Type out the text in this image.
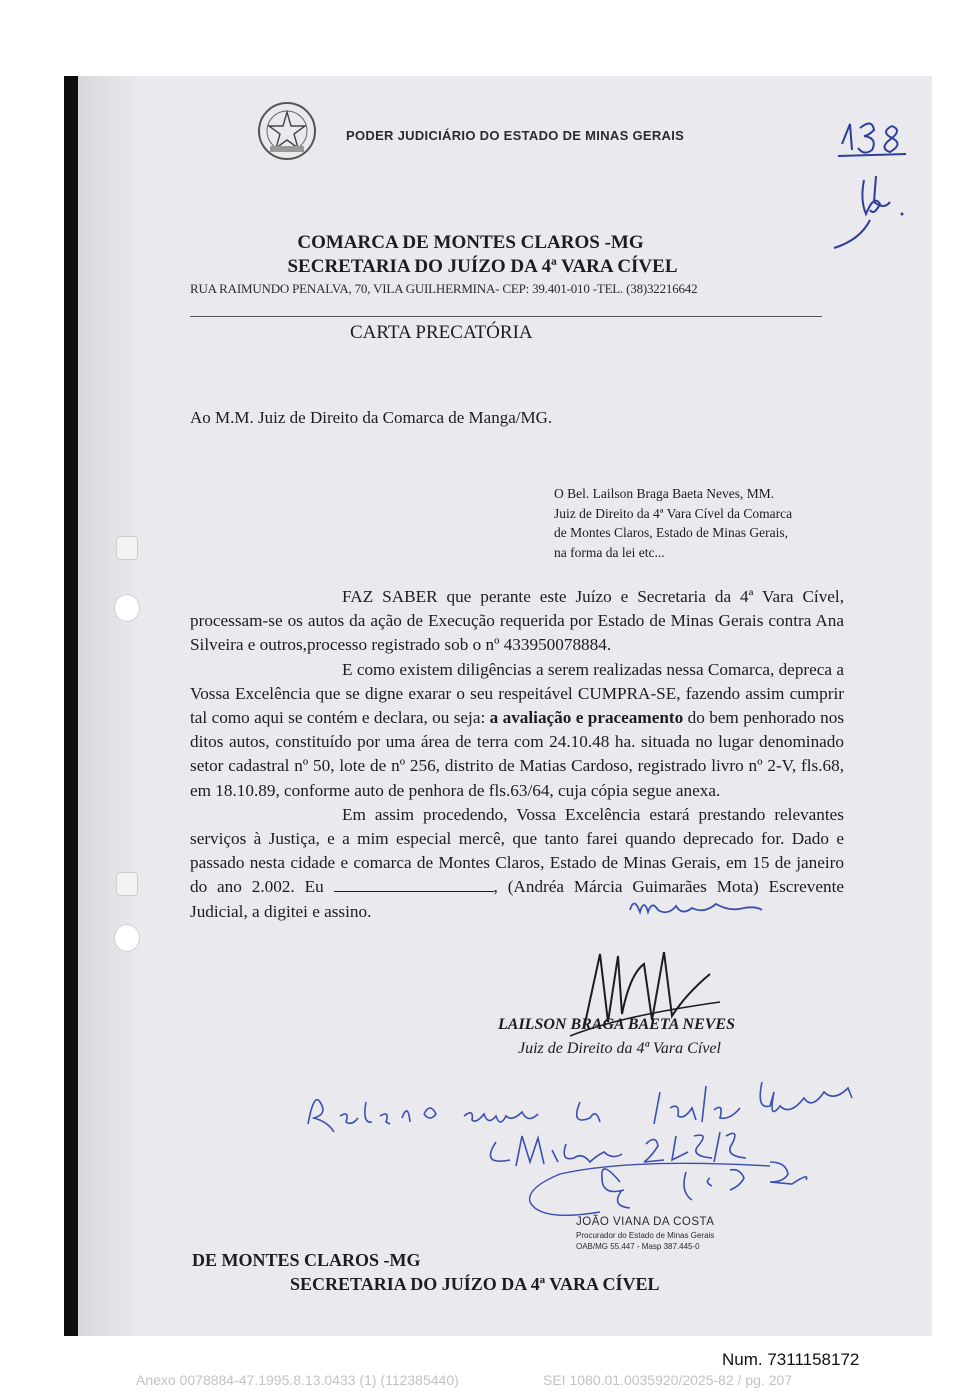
PODER JUDICIÁRIO DO ESTADO DE MINAS GERAIS
COMARCA DE MONTES CLAROS -MG
SECRETARIA DO JUÍZO DA 4ª VARA CÍVEL
RUA RAIMUNDO PENALVA, 70, VILA GUILHERMINA- CEP: 39.401-010 -TEL. (38)32216642
CARTA PRECATÓRIA
Ao M.M. Juiz de Direito da Comarca de Manga/MG.
O Bel. Lailson Braga Baeta Neves, MM.
Juiz de Direito da 4ª Vara Cível da Comarca
de Montes Claros, Estado de Minas Gerais,
na forma da lei etc...

FAZ SABER que perante este Juízo e Secretaria da 4ª Vara Cível, processam-se os autos da ação de Execução requerida por Estado de Minas Gerais contra Ana Silveira e outros,processo registrado sob o nº 433950078884.

E como existem diligências a serem realizadas nessa Comarca, depreca a Vossa Excelência que se digne exarar o seu respeitável CUMPRA-SE, fazendo assim cumprir tal como aqui se contém e declara, ou seja: a avaliação e praceamento do bem penhorado nos ditos autos, constituído por uma área de terra com 24.10.48 ha. situada no lugar denominado setor cadastral nº 50, lote de nº 256, distrito de Matias Cardoso, registrado livro nº 2-V, fls.68, em 18.10.89, conforme auto de penhora de fls.63/64, cuja cópia segue anexa.

Em assim procedendo, Vossa Excelência estará prestando relevantes serviços à Justiça, e a mim especial mercê, que tanto farei quando deprecado for. Dado e passado nesta cidade e comarca de Montes Claros, Estado de Minas Gerais, em 15 de janeiro do ano 2.002. Eu	, (Andréa Márcia Guimarães Mota) Escrevente Judicial, a digitei e assino.

LAILSON BRAGA BAETA NEVES
Juiz de Direito da 4ª Vara Cível
JOÃO VIANA DA COSTA
Procurador do Estado de Minas Gerais
OAB/MG 55.447 - Masp 387.445-0
DE MONTES CLAROS -MG
SECRETARIA DO JUÍZO DA 4ª VARA CÍVEL
Num. 7311158172
Anexo 0078884-47.1995.8.13.0433 (1) (112385440)	SEI 1080.01.0035920/2025-82 / pg. 207
